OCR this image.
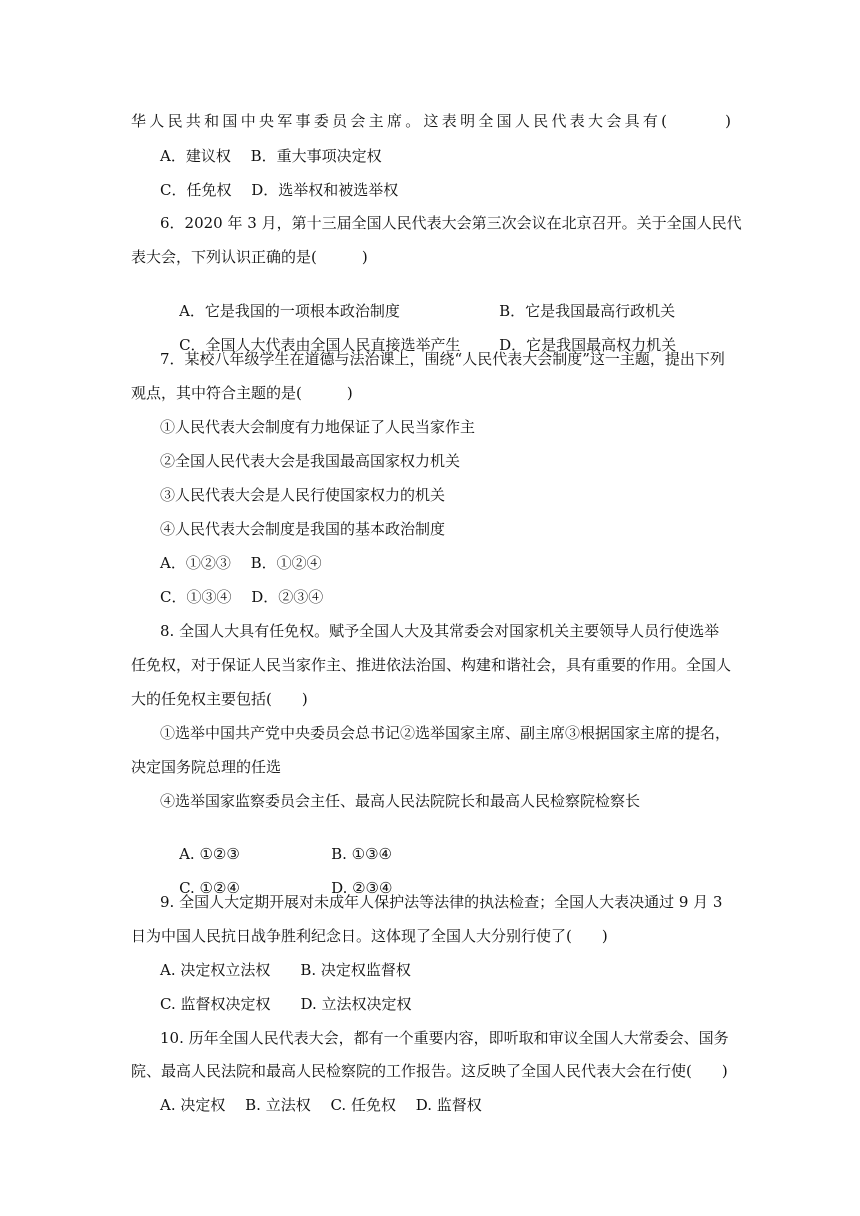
华人民共和国中央军事委员会主席。这表明全国人民代表大会具有(　　　)
A．建议权　 B．重大事项决定权
C．任免权　 D．选举权和被选举权
6．2020 年 3 月，第十三届全国人民代表大会第三次会议在北京召开。关于全国人民代
表大会，下列认识正确的是(　　　)

A．它是我国的一项根本政治制度	B．它是我国最高行政机关

C．全国人大代表由全国人民直接选举产生	D．它是我国最高权力机关

7．某校八年级学生在道德与法治课上，围绕“人民代表大会制度”这一主题，提出下列
观点，其中符合主题的是(　　　)
①人民代表大会制度有力地保证了人民当家作主
②全国人民代表大会是我国最高国家权力机关
③人民代表大会是人民行使国家权力的机关
④人民代表大会制度是我国的基本政治制度
A．①②③　 B．①②④
C．①③④　 D．②③④
8. 全国人大具有任免权。赋予全国人大及其常委会对国家机关主要领导人员行使选举
任免权，对于保证人民当家作主、推进依法治国、构建和谐社会，具有重要的作用。全国人
大的任免权主要包括(　　)
①选举中国共产党中央委员会总书记②选举国家主席、副主席③根据国家主席的提名，
决定国务院总理的任选
④选举国家监察委员会主任、最高人民法院院长和最高人民检察院检察长

A. ①②③	B. ①③④

C. ①②④	D. ②③④

9. 全国人大定期开展对未成年人保护法等法律的执法检查；全国人大表决通过 9 月 3
日为中国人民抗日战争胜利纪念日。这体现了全国人大分别行使了(　　)
A. 决定权立法权　　B. 决定权监督权
C. 监督权决定权　　D. 立法权决定权
10. 历年全国人民代表大会，都有一个重要内容，即听取和审议全国人大常委会、国务
院、最高人民法院和最高人民检察院的工作报告。这反映了全国人民代表大会在行使(　　)
A. 决定权　 B. 立法权　 C. 任免权　 D. 监督权
